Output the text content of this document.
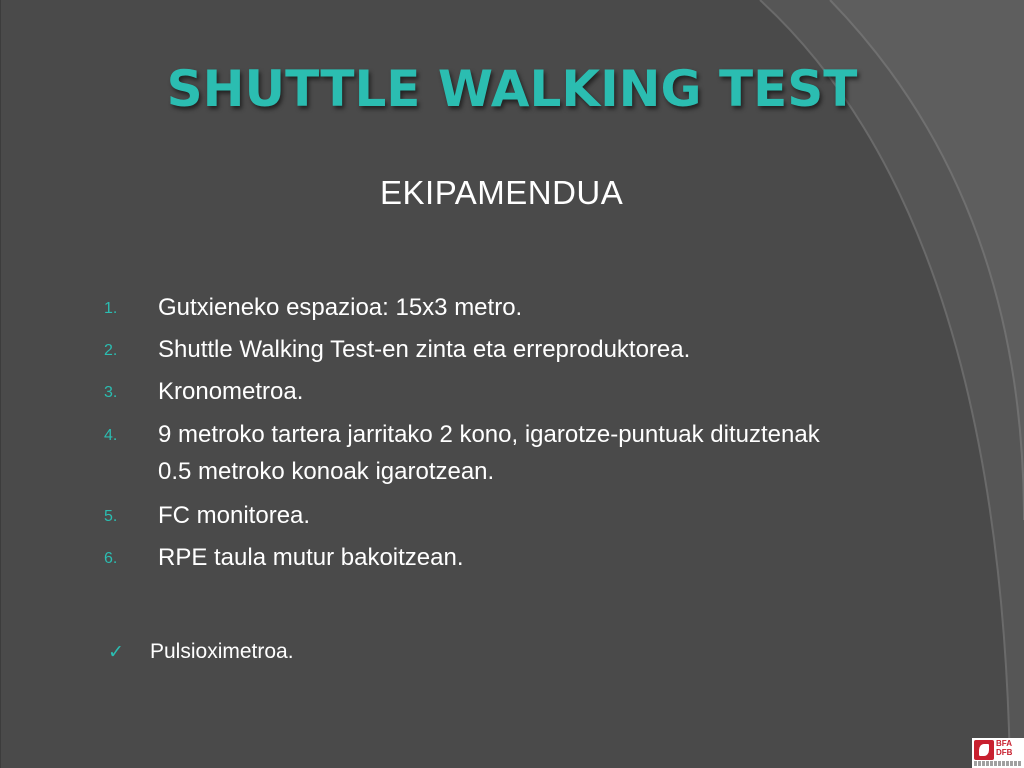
SHUTTLE WALKING TEST
EKIPAMENDUA
1. Gutxieneko espazioa: 15x3 metro.
2. Shuttle Walking Test-en zinta eta erreproduktorea.
3. Kronometroa.
4. 9 metroko tartera jarritako 2 kono, igarotze-puntuak dituztenak 0.5 metroko konoak igarotzean.
5. FC monitorea.
6. RPE taula mutur bakoitzean.
✓	Pulsioximetroa.
BFA
DFB
